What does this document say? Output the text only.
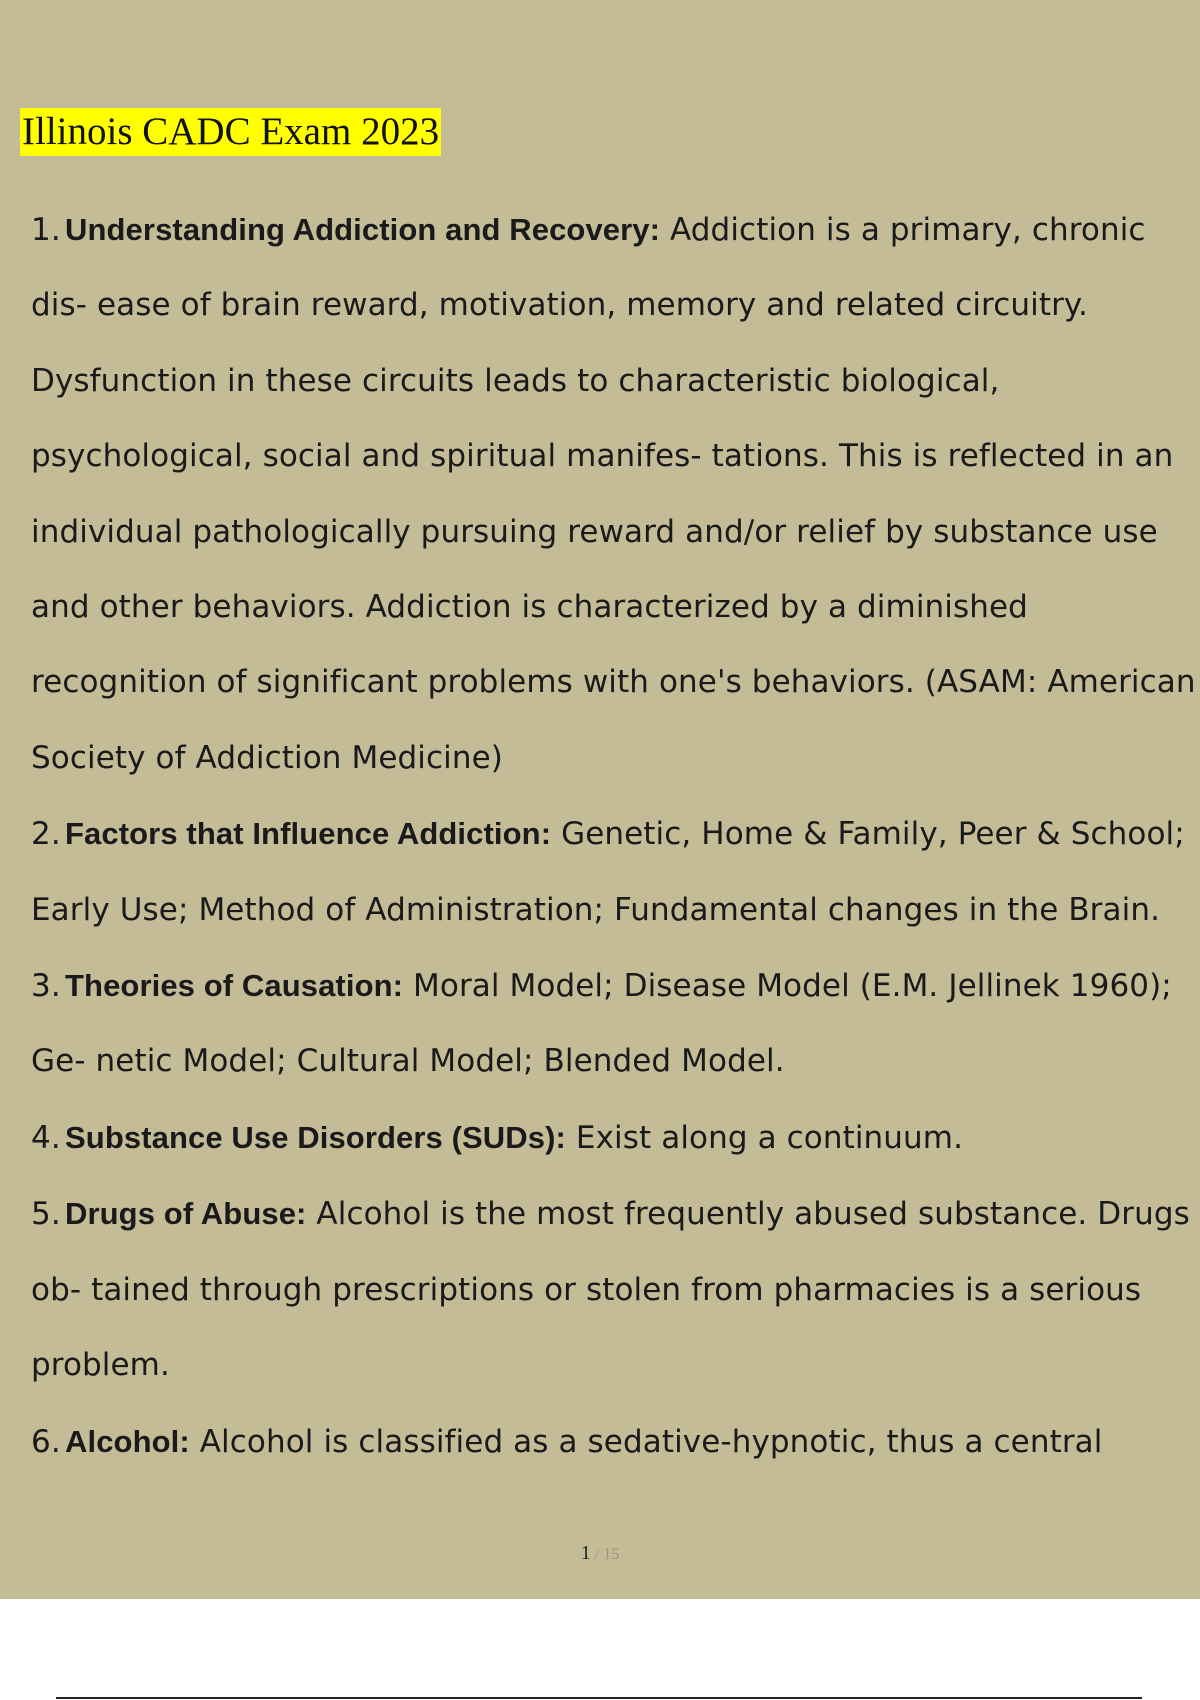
Illinois CADC Exam 2023
1. Understanding Addiction and Recovery: Addiction is a primary, chronic dis- ease of brain reward, motivation, memory and related circuitry. Dysfunction in these circuits leads to characteristic biological, psychological, social and spiritual manifes- tations. This is reflected in an individual pathologically pursuing reward and/or relief by substance use and other behaviors. Addiction is characterized by a diminished recognition of significant problems with one's behaviors. (ASAM: American Society of Addiction Medicine)
2. Factors that Influence Addiction: Genetic, Home & Family, Peer & School; Early Use; Method of Administration; Fundamental changes in the Brain.
3. Theories of Causation: Moral Model; Disease Model (E.M. Jellinek 1960); Ge- netic Model; Cultural Model; Blended Model.
4. Substance Use Disorders (SUDs): Exist along a continuum.
5. Drugs of Abuse: Alcohol is the most frequently abused substance. Drugs ob- tained through prescriptions or stolen from pharmacies is a serious problem.
6. Alcohol: Alcohol is classified as a sedative-hypnotic, thus a central
1 / 15
